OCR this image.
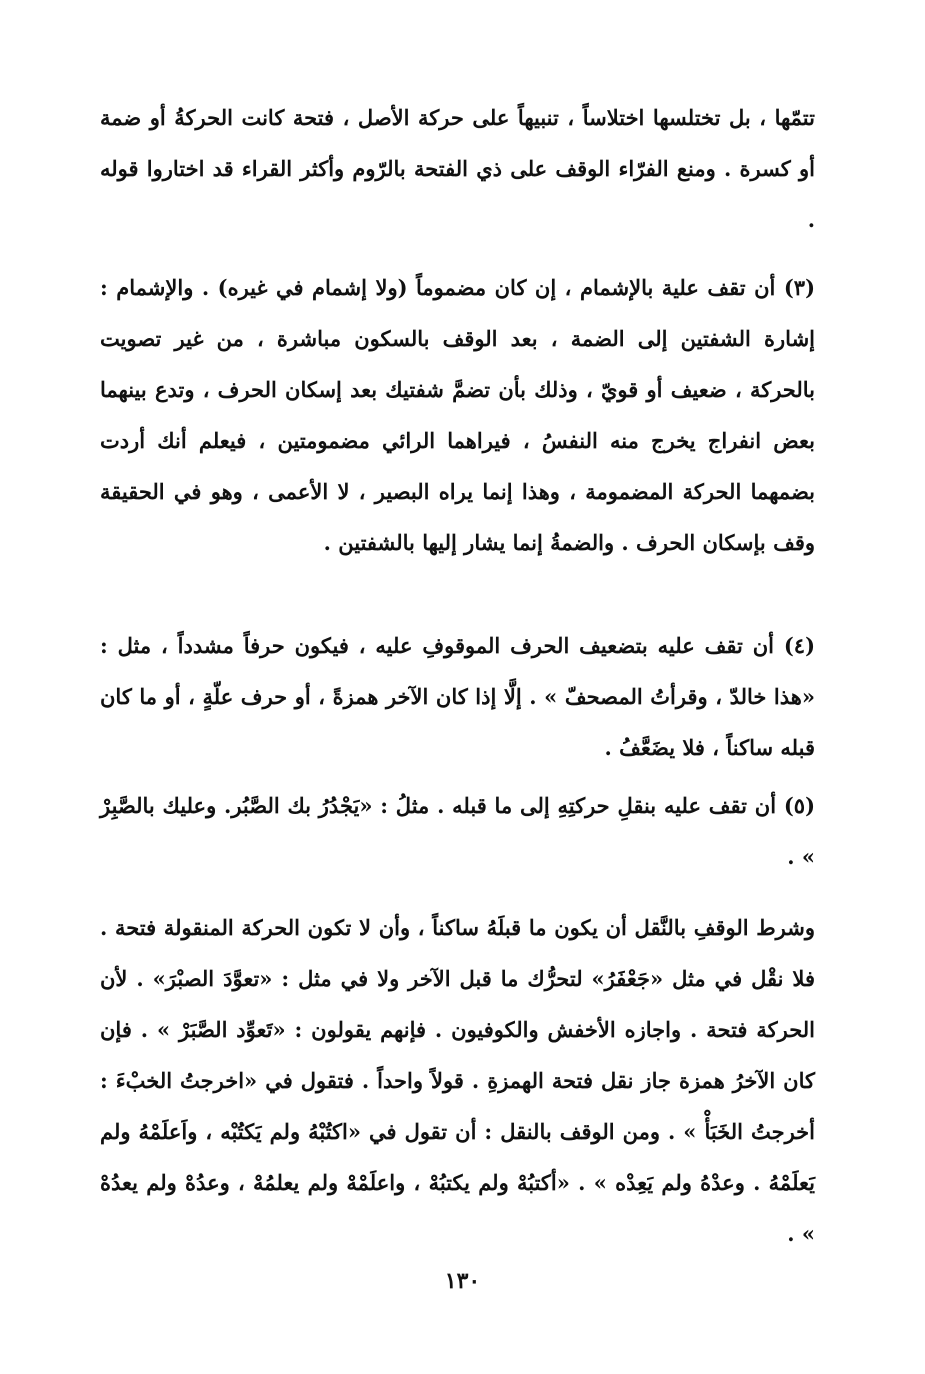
تتمّها ، بل تختلسها اختلاساً ، تنبيهاً على حركة الأصل ، فتحة كانت الحركةُ أو ضمة أو كسرة . ومنع الفرّاء الوقف على ذي الفتحة بالرّوم وأكثر القراء قد اختاروا قوله .

(٣) أن تقف علية بالإشمام ، إن كان مضموماً (ولا إشمام في غيره) . والإشمام : إشارة الشفتين إلى الضمة ، بعد الوقف بالسكون مباشرة ، من غير تصويت بالحركة ، ضعيف أو قويّ ، وذلك بأن تضمَّ شفتيك بعد إسكان الحرف ، وتدع بينهما بعض انفراج يخرج منه النفسُ ، فيراهما الرائي مضمومتين ، فيعلم أنك أردت بضمهما الحركة المضمومة ، وهذا إنما يراه البصير ، لا الأعمى ، وهو في الحقيقة وقف بإسكان الحرف . والضمةُ إنما يشار إليها بالشفتين .

(٤) أن تقف عليه بتضعيف الحرف الموقوفِ عليه ، فيكون حرفاً مشدداً ، مثل : «هذا خالدّ ، وقرأتُ المصحفّ » . إلَّا إذا كان الآخر همزةً ، أو حرف علّةٍ ، أو ما كان قبله ساكناً ، فلا يضَعَّفُ .

(٥) أن تقف عليه بنقلِ حركتِهِ إلى ما قبله . مثلُ : «يَجْدُرُ بك الصَّبُر. وعليك بالصَّبِرْ » .

وشرط الوقفِ بالنَّقل أن يكون ما قبلَهُ ساكناً ، وأن لا تكون الحركة المنقولة فتحة . فلا نقْل في مثل «جَعْفَرُ» لتحرُّك ما قبل الآخر ولا في مثل : «تعوَّدَ الصبْرَ» . لأن الحركة فتحة . واجازه الأخفش والكوفيون . فإنهم يقولون : «تَعوِّد الصَّبَرْ » . فإن كان الآخرُ همزة جاز نقل فتحة الهمزةِ . قولاً واحداً . فتقول في «اخرجتُ الخبْءَ : أخرجتُ الخَبَأْ » . ومن الوقف بالنقل : أن تقول في «اكتُبْهُ ولم يَكتُبْه ، واَعلَمْهُ ولم يَعلَمْهُ . وعدْهُ ولم يَعِدْه » . «أكتبُهْ ولم يكتبُهْ ، واعلَمْهْ ولم يعلمُهْ ، وعدُهْ ولم يعدُهْ » .

١٣٠
